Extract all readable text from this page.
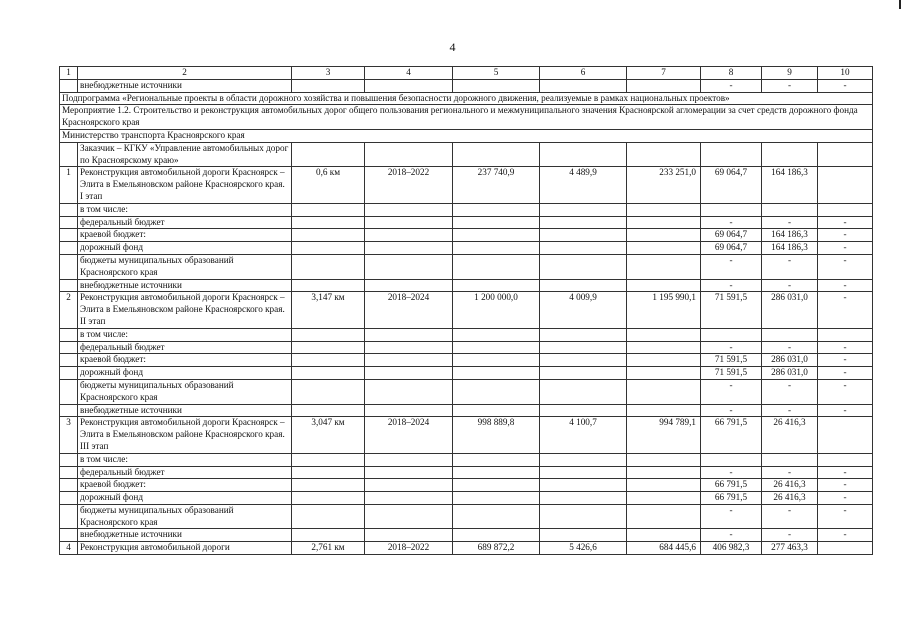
4
1	2	3	4	5	6	7	8	9	10
	внебюджетные источники						-	-	-
Подпрограмма «Региональные проекты в области дорожного хозяйства и повышения безопасности дорожного движения, реализуемые в рамках национальных проектов»									
Мероприятие 1.2. Строительство и реконструкция автомобильных дорог общего пользования регионального и межмуниципального значения Красноярской агломерации за счет средств дорожного фонда Красноярского края									
Министерство транспорта Красноярского края									
	Заказчик – КГКУ «Управление автомобильных дорог по Красноярскому краю»								
1	Реконструкция автомобильной дороги Красноярск – Элита в Емельяновском районе Красноярского края. I этап	0,6 км	2018–2022	237 740,9	4 489,9	233 251,0	69 064,7	164 186,3	
	в том числе:								
	федеральный бюджет						-	-	-
	краевой бюджет:						69 064,7	164 186,3	-
	дорожный фонд						69 064,7	164 186,3	-
	бюджеты муниципальных образований Красноярского края						-	-	-
	внебюджетные источники						-	-	-
2	Реконструкция автомобильной дороги Красноярск – Элита в Емельяновском районе Красноярского края. II этап	3,147 км	2018–2024	1 200 000,0	4 009,9	1 195 990,1	71 591,5	286 031,0	-
	в том числе:								
	федеральный бюджет						-	-	-
	краевой бюджет:						71 591,5	286 031,0	-
	дорожный фонд						71 591,5	286 031,0	-
	бюджеты муниципальных образований Красноярского края						-	-	-
	внебюджетные источники						-	-	-
3	Реконструкция автомобильной дороги Красноярск – Элита в Емельяновском районе Красноярского края. III этап	3,047 км	2018–2024	998 889,8	4 100,7	994 789,1	66 791,5	26 416,3	
	в том числе:								
	федеральный бюджет						-	-	-
	краевой бюджет:						66 791,5	26 416,3	-
	дорожный фонд						66 791,5	26 416,3	-
	бюджеты муниципальных образований Красноярского края						-	-	-
	внебюджетные источники						-	-	-
4	Реконструкция автомобильной дороги	2,761 км	2018–2022	689 872,2	5 426,6	684 445,6	406 982,3	277 463,3	
